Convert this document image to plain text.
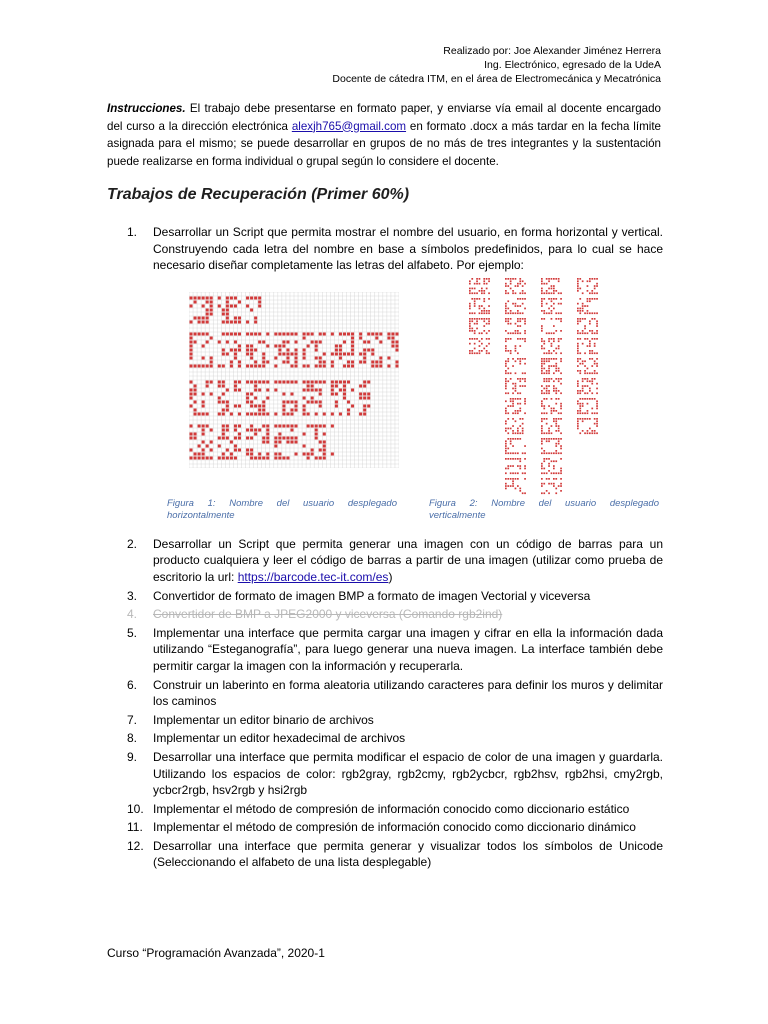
Realizado por: Joe Alexander Jiménez Herrera
Ing. Electrónico, egresado de la UdeA
Docente de cátedra ITM, en el área de Electromecánica y Mecatrónica
Instrucciones. El trabajo debe presentarse en formato paper, y enviarse vía email al docente encargado del curso a la dirección electrónica alexjh765@gmail.com en formato .docx a más tardar en la fecha límite asignada para el mismo; se puede desarrollar en grupos de no más de tres integrantes y la sustentación puede realizarse en forma individual o grupal según lo considere el docente.
Trabajos de Recuperación (Primer 60%)
1. Desarrollar un Script que permita mostrar el nombre del usuario, en forma horizontal y vertical. Construyendo cada letra del nombre en base a símbolos predefinidos, para lo cual se hace necesario diseñar completamente las letras del alfabeto. Por ejemplo:
Figura 1: Nombre del usuario desplegado horizontalmente
Figura 2: Nombre del usuario desplegado verticalmente
2. Desarrollar un Script que permita generar una imagen con un código de barras para un producto cualquiera y leer el código de barras a partir de una imagen (utilizar como prueba de escritorio la url: https://barcode.tec-it.com/es)
3. Convertidor de formato de imagen BMP a formato de imagen Vectorial y viceversa
4. Convertidor de BMP a JPEG2000 y viceversa (Comando rgb2ind)
5. Implementar una interface que permita cargar una imagen y cifrar en ella la información dada utilizando “Esteganografía”, para luego generar una nueva imagen. La interface también debe permitir cargar la imagen con la información y recuperarla.
6. Construir un laberinto en forma aleatoria utilizando caracteres para definir los muros y delimitar los caminos
7. Implementar un editor binario de archivos
8. Implementar un editor hexadecimal de archivos
9. Desarrollar una interface que permita modificar el espacio de color de una imagen y guardarla. Utilizando los espacios de color: rgb2gray, rgb2cmy, rgb2ycbcr, rgb2hsv, rgb2hsi, cmy2rgb, ycbcr2rgb, hsv2rgb y hsi2rgb
10. Implementar el método de compresión de información conocido como diccionario estático
11. Implementar el método de compresión de información conocido como diccionario dinámico
12. Desarrollar una interface que permita generar y visualizar todos los símbolos de Unicode (Seleccionando el alfabeto de una lista desplegable)
Curso “Programación Avanzada”, 2020-1
